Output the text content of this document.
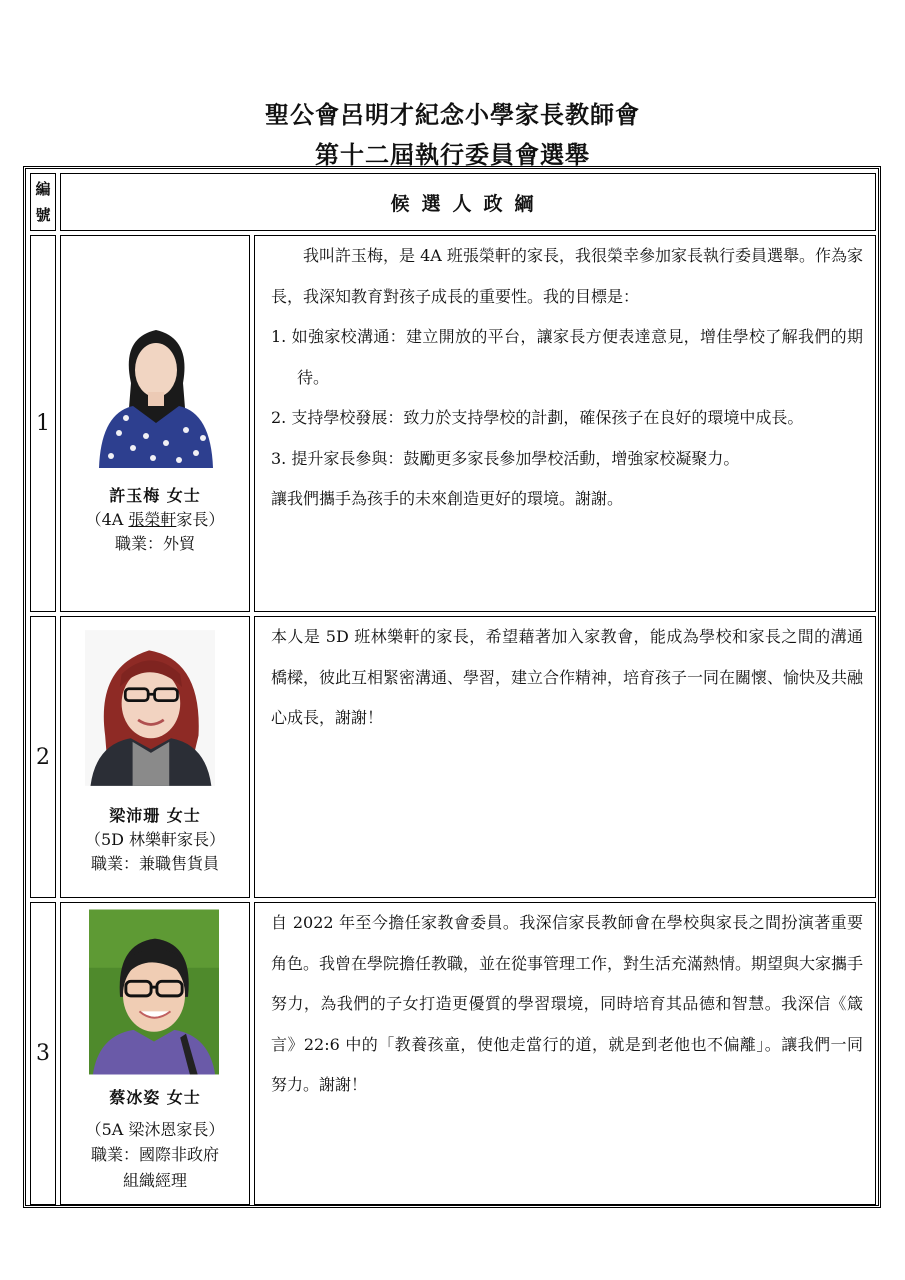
聖公會呂明才紀念小學家長教師會
第十二屆執行委員會選舉
編
號
候選人政綱
1
許玉梅 女士
（4A 張榮軒家長）
職業：外貿

我叫許玉梅，是 4A 班張榮軒的家長，我很榮幸參加家長執行委員選舉。作為家長，我深知教育對孩子成長的重要性。我的目標是：

1. 如強家校溝通：建立開放的平台，讓家長方便表達意見，增佳學校了解我們的期待。

2. 支持學校發展：致力於支持學校的計劃，確保孩子在良好的環境中成長。

3. 提升家長參與：鼓勵更多家長參加學校活動，增強家校凝聚力。

讓我們攜手為孩手的未來創造更好的環境。謝謝。

2
梁沛珊 女士
（5D 林樂軒家長）
職業：兼職售貨員

本人是 5D 班林樂軒的家長，希望藉著加入家教會，能成為學校和家長之間的溝通橋樑，彼此互相緊密溝通、學習，建立合作精神，培育孩子一同在關懷、愉快及共融心成長，謝謝！

3
蔡冰姿 女士
（5A 梁沐恩家長）
職業：國際非政府
組織經理

自 2022 年至今擔任家教會委員。我深信家長教師會在學校與家長之間扮演著重要角色。我曾在學院擔任教職，並在從事管理工作，對生活充滿熱情。期望與大家攜手努力，為我們的子女打造更優質的學習環境，同時培育其品德和智慧。我深信《箴言》22:6 中的「教養孩童，使他走當行的道，就是到老他也不偏離」。讓我們一同努力。謝謝！
